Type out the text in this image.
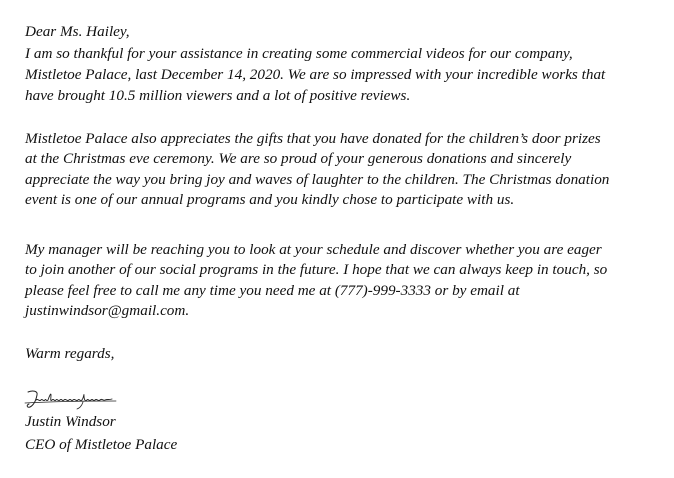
Dear Ms. Hailey,
I am so thankful for your assistance in creating some commercial videos for our company,
Mistletoe Palace, last December 14, 2020. We are so impressed with your incredible works that
have brought 10.5 million viewers and a lot of positive reviews.
Mistletoe Palace also appreciates the gifts that you have donated for the children’s door prizes
at the Christmas eve ceremony. We are so proud of your generous donations and sincerely
appreciate the way you bring joy and waves of laughter to the children. The Christmas donation
event is one of our annual programs and you kindly chose to participate with us.
My manager will be reaching you to look at your schedule and discover whether you are eager
to join another of our social programs in the future. I hope that we can always keep in touch, so
please feel free to call me any time you need me at (777)-999-3333 or by email at
justinwindsor@gmail.com.
Warm regards,
Justin Windsor
CEO of Mistletoe Palace
